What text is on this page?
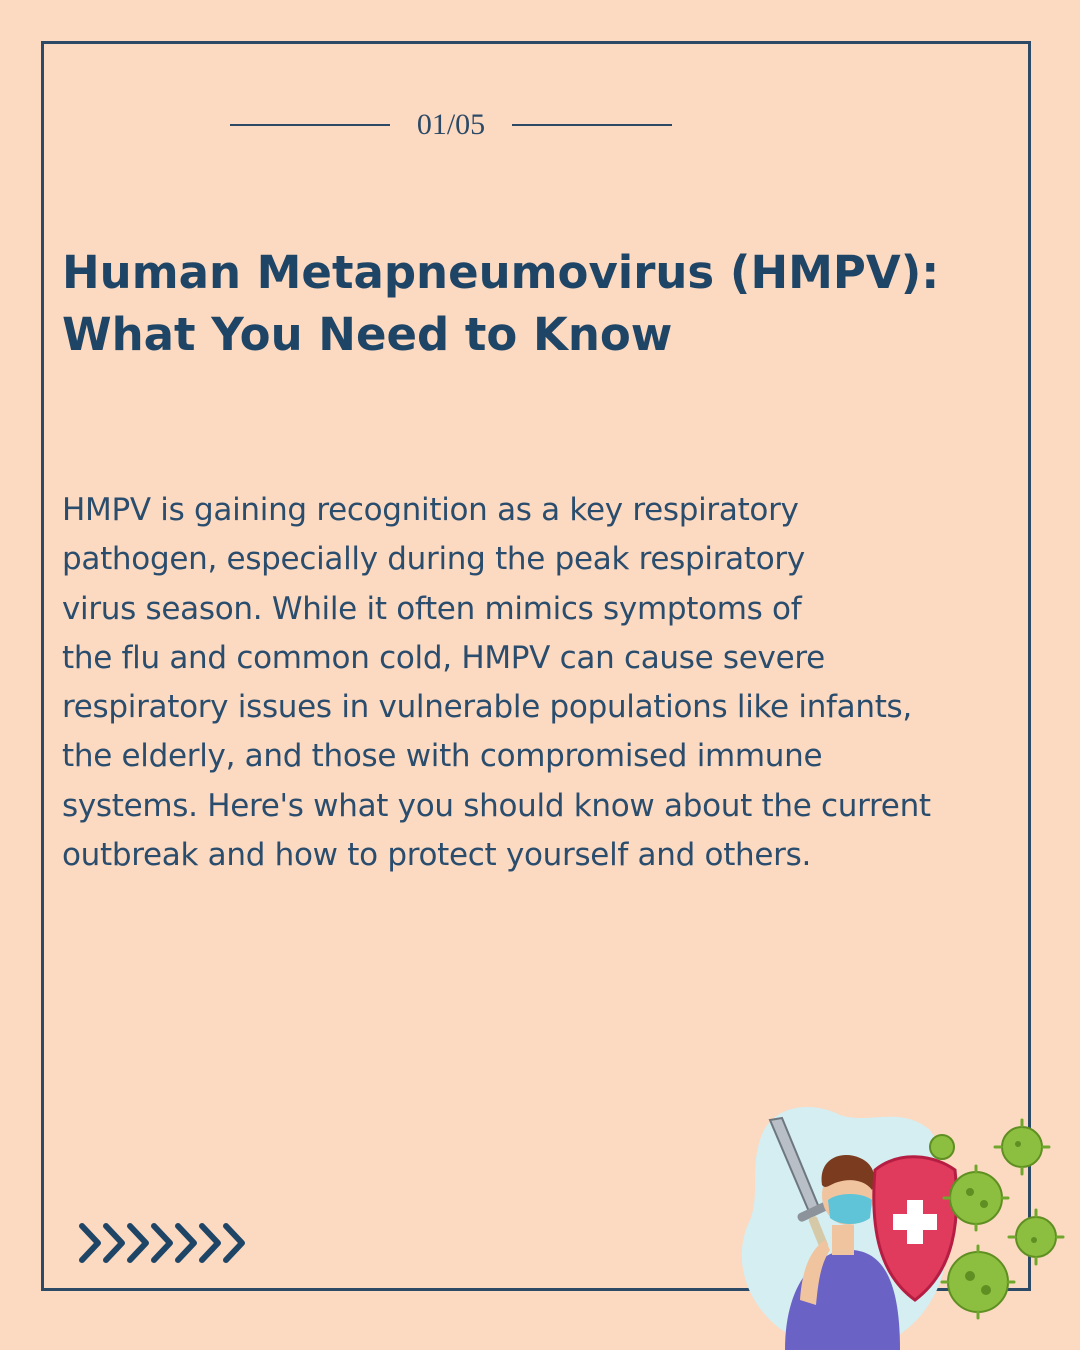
01/05
Human Metapneumovirus (HMPV):
What You Need to Know

HMPV is gaining recognition as a key respiratory
pathogen, especially during the peak respiratory
virus season. While it often mimics symptoms of
the flu and common cold, HMPV can cause severe
respiratory issues in vulnerable populations like infants,
the elderly, and those with compromised immune
systems. Here's what you should know about the current
outbreak and how to protect yourself and others.
